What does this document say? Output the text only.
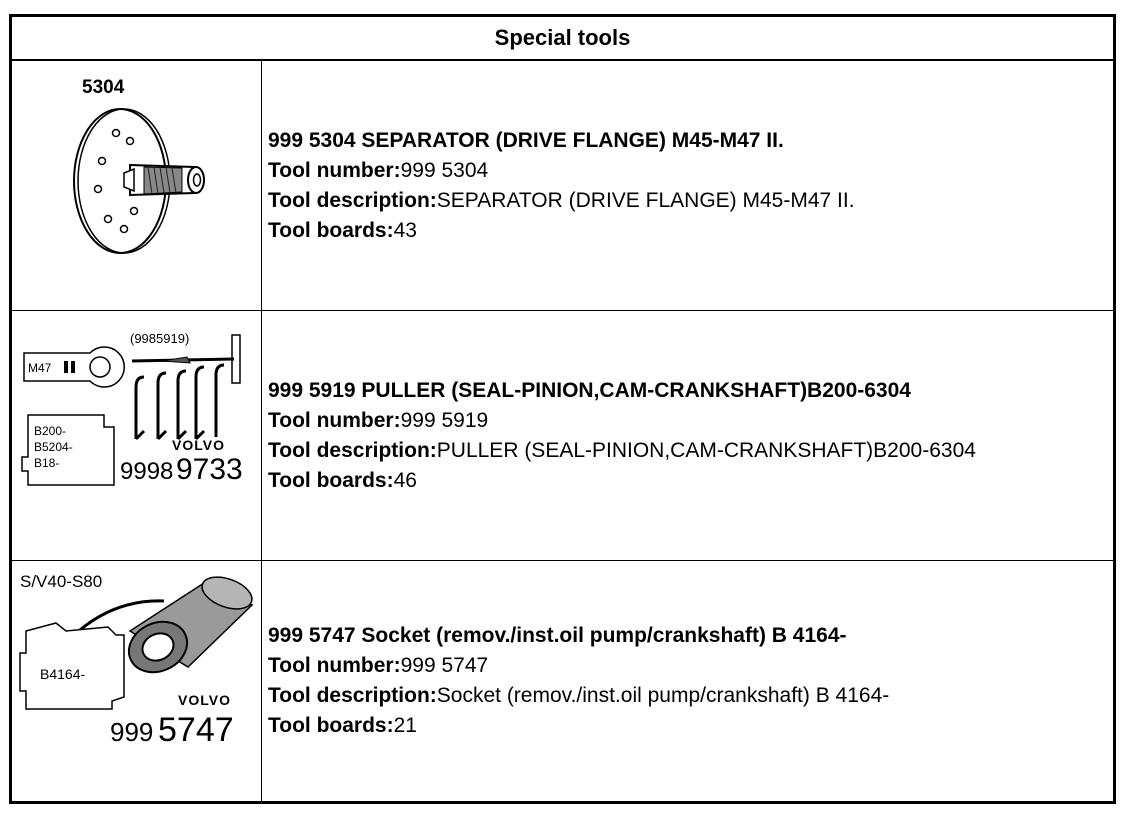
Special tools
5304
999 5304 SEPARATOR (DRIVE FLANGE) M45-M47 II.
Tool number:999 5304
Tool description:SEPARATOR (DRIVE FLANGE) M45-M47 II.
Tool boards:43
(9985919)
M47
B200-
B5204-
B18-
VOLVO
9998 9733
999 5919 PULLER (SEAL-PINION,CAM-CRANKSHAFT)B200-6304
Tool number:999 5919
Tool description:PULLER (SEAL-PINION,CAM-CRANKSHAFT)B200-6304
Tool boards:46
S/V40-S80
B4164-
VOLVO
999 5747
999 5747 Socket (remov./inst.oil pump/crankshaft) B 4164-
Tool number:999 5747
Tool description:Socket (remov./inst.oil pump/crankshaft) B 4164-
Tool boards:21
